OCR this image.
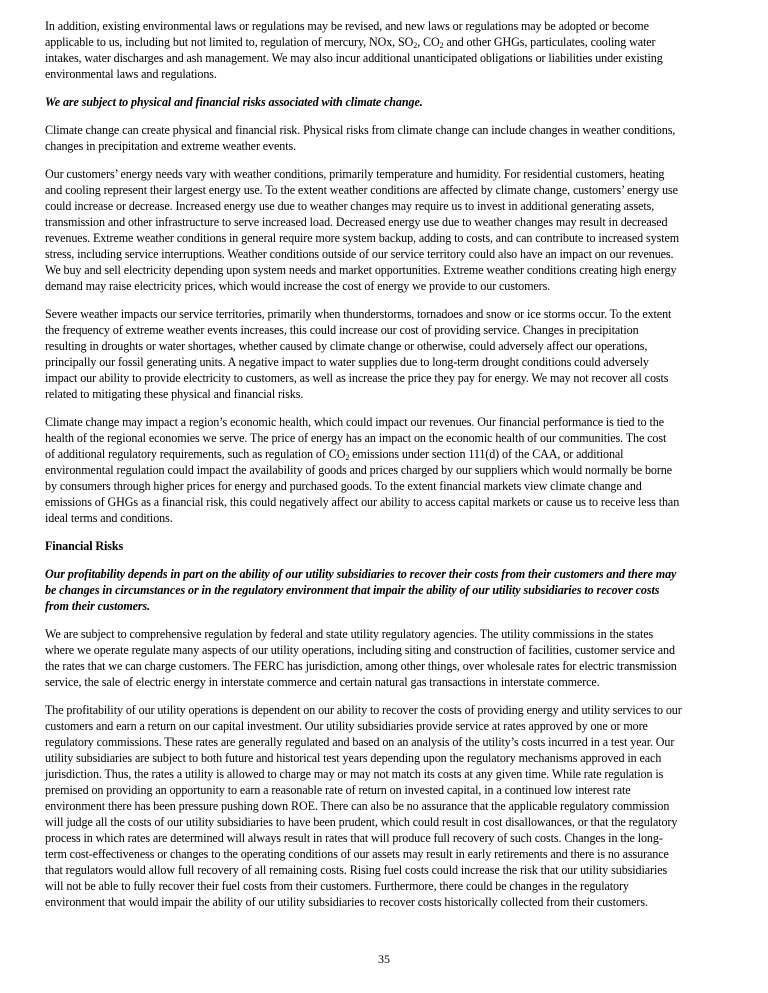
In addition, existing environmental laws or regulations may be revised, and new laws or regulations may be adopted or become
applicable to us, including but not limited to, regulation of mercury, NOx, $SO_2$, $CO_2$ and other GHGs, particulates, cooling water
intakes, water discharges and ash management. We may also incur additional unanticipated obligations or liabilities under existing
environmental laws and regulations.

We are subject to physical and financial risks associated with climate change.

Climate change can create physical and financial risk. Physical risks from climate change can include changes in weather conditions,
changes in precipitation and extreme weather events.

Our customers’ energy needs vary with weather conditions, primarily temperature and humidity. For residential customers, heating
and cooling represent their largest energy use. To the extent weather conditions are affected by climate change, customers’ energy use
could increase or decrease. Increased energy use due to weather changes may require us to invest in additional generating assets,
transmission and other infrastructure to serve increased load. Decreased energy use due to weather changes may result in decreased
revenues. Extreme weather conditions in general require more system backup, adding to costs, and can contribute to increased system
stress, including service interruptions. Weather conditions outside of our service territory could also have an impact on our revenues.
We buy and sell electricity depending upon system needs and market opportunities. Extreme weather conditions creating high energy
demand may raise electricity prices, which would increase the cost of energy we provide to our customers.

Severe weather impacts our service territories, primarily when thunderstorms, tornadoes and snow or ice storms occur. To the extent
the frequency of extreme weather events increases, this could increase our cost of providing service. Changes in precipitation
resulting in droughts or water shortages, whether caused by climate change or otherwise, could adversely affect our operations,
principally our fossil generating units. A negative impact to water supplies due to long-term drought conditions could adversely
impact our ability to provide electricity to customers, as well as increase the price they pay for energy. We may not recover all costs
related to mitigating these physical and financial risks.

Climate change may impact a region’s economic health, which could impact our revenues. Our financial performance is tied to the
health of the regional economies we serve. The price of energy has an impact on the economic health of our communities. The cost
of additional regulatory requirements, such as regulation of $CO_2$ emissions under section 111(d) of the CAA, or additional
environmental regulation could impact the availability of goods and prices charged by our suppliers which would normally be borne
by consumers through higher prices for energy and purchased goods. To the extent financial markets view climate change and
emissions of GHGs as a financial risk, this could negatively affect our ability to access capital markets or cause us to receive less than
ideal terms and conditions.

Financial Risks

Our profitability depends in part on the ability of our utility subsidiaries to recover their costs from their customers and there may
be changes in circumstances or in the regulatory environment that impair the ability of our utility subsidiaries to recover costs
from their customers.

We are subject to comprehensive regulation by federal and state utility regulatory agencies. The utility commissions in the states
where we operate regulate many aspects of our utility operations, including siting and construction of facilities, customer service and
the rates that we can charge customers. The FERC has jurisdiction, among other things, over wholesale rates for electric transmission
service, the sale of electric energy in interstate commerce and certain natural gas transactions in interstate commerce.

The profitability of our utility operations is dependent on our ability to recover the costs of providing energy and utility services to our
customers and earn a return on our capital investment. Our utility subsidiaries provide service at rates approved by one or more
regulatory commissions. These rates are generally regulated and based on an analysis of the utility’s costs incurred in a test year. Our
utility subsidiaries are subject to both future and historical test years depending upon the regulatory mechanisms approved in each
jurisdiction. Thus, the rates a utility is allowed to charge may or may not match its costs at any given time. While rate regulation is
premised on providing an opportunity to earn a reasonable rate of return on invested capital, in a continued low interest rate
environment there has been pressure pushing down ROE. There can also be no assurance that the applicable regulatory commission
will judge all the costs of our utility subsidiaries to have been prudent, which could result in cost disallowances, or that the regulatory
process in which rates are determined will always result in rates that will produce full recovery of such costs. Changes in the long-
term cost-effectiveness or changes to the operating conditions of our assets may result in early retirements and there is no assurance
that regulators would allow full recovery of all remaining costs. Rising fuel costs could increase the risk that our utility subsidiaries
will not be able to fully recover their fuel costs from their customers. Furthermore, there could be changes in the regulatory
environment that would impair the ability of our utility subsidiaries to recover costs historically collected from their customers.

35
